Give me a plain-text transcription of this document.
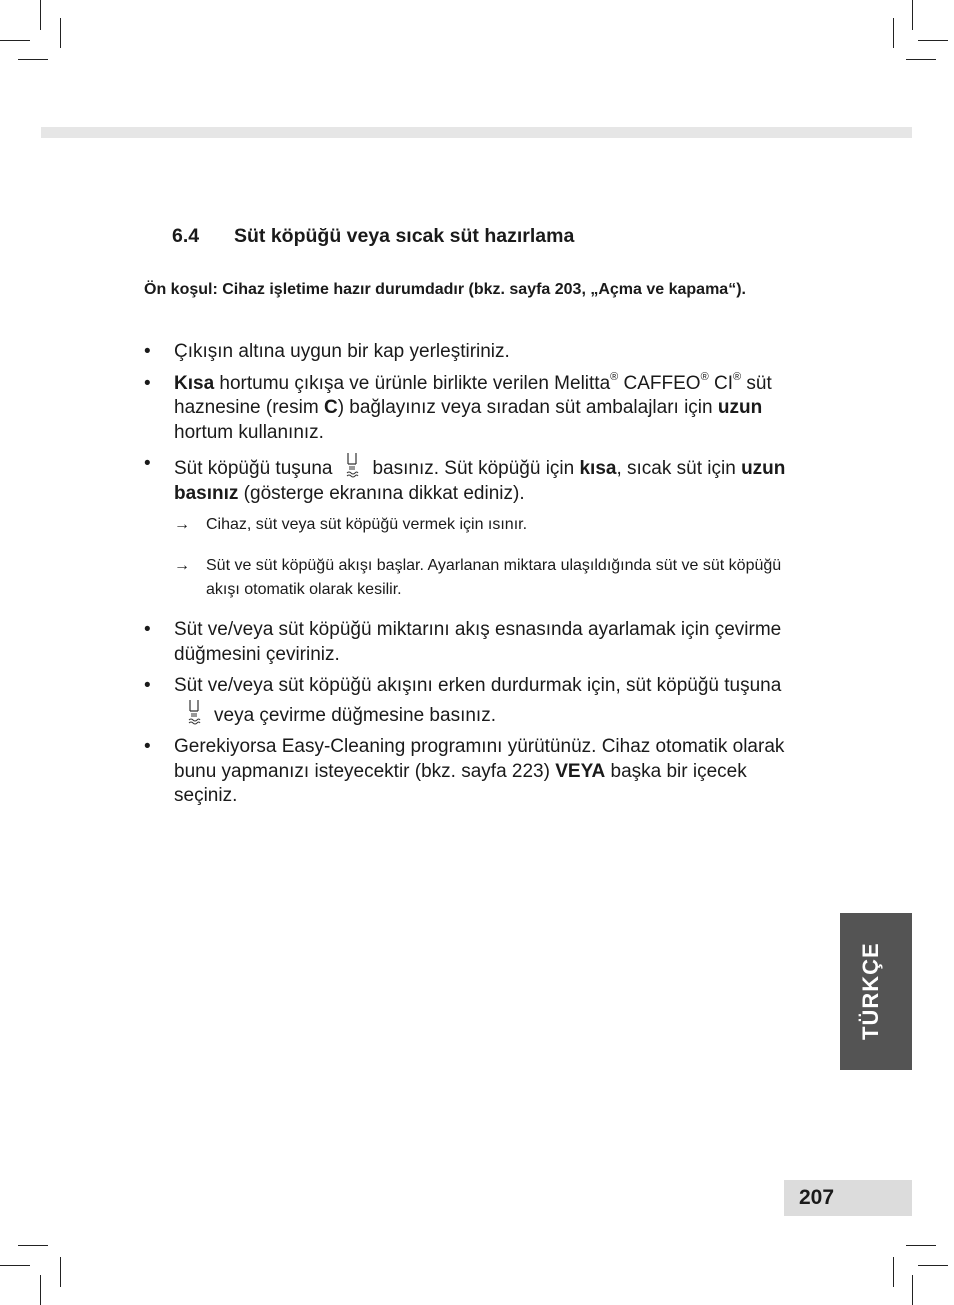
6.4 Süt köpüğü veya sıcak süt hazırlama
Ön koşul: Cihaz işletime hazır durumdadır (bkz. sayfa 203, „Açma ve kapama“).
• Çıkışın altına uygun bir kap yerleştiriniz.
• Kısa hortumu çıkışa ve ürünle birlikte verilen Melitta® CAFFEO® CI® süt haznesine (resim C) bağlayınız veya sıradan süt ambalajları için uzun hortum kullanınız.
• Süt köpüğü tuşuna basınız. Süt köpüğü için kısa, sıcak süt için uzun basınız (gösterge ekranına dikkat ediniz).
→ Cihaz, süt veya süt köpüğü vermek için ısınır.
→ Süt ve süt köpüğü akışı başlar. Ayarlanan miktara ulaşıldığında süt ve süt köpüğü akışı otomatik olarak kesilir.
• Süt ve/veya süt köpüğü miktarını akış esnasında ayarlamak için çevirme düğmesini çeviriniz.
• Süt ve/veya süt köpüğü akışını erken durdurmak için, süt köpüğü tuşunaveya çevirme düğmesine basınız.
• Gerekiyorsa Easy-Cleaning programını yürütünüz. Cihaz otomatik olarak bunu yapmanızı isteyecektir (bkz. sayfa 223) VEYA başka bir içecek seçiniz.
TÜRKÇE
207
